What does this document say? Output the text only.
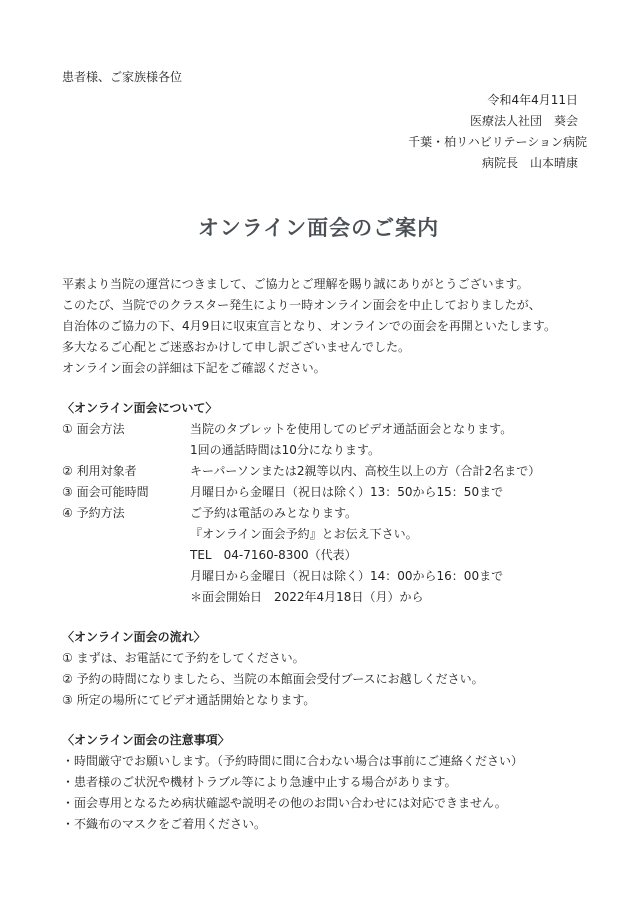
患者様、ご家族様各位
令和4年4月11日
医療法人社団　葵会
千葉・柏リハビリテーション病院
病院長　山本晴康
オンライン面会のご案内
平素より当院の運営につきまして、ご協力とご理解を賜り誠にありがとうございます。
このたび、当院でのクラスター発生により一時オンライン面会を中止しておりましたが、
自治体のご協力の下、4月9日に収束宣言となり、オンラインでの面会を再開といたします。
多大なるご心配とご迷惑おかけして申し訳ございませんでした。
オンライン面会の詳細は下記をご確認ください。
〈オンライン面会について〉
① 面会方法	当院のタブレットを使用してのビデオ通話面会となります。
1回の通話時間は10分になります。
② 利用対象者	キーパーソンまたは2親等以内、高校生以上の方（合計2名まで）
③ 面会可能時間	月曜日から金曜日（祝日は除く）13：50から15：50まで
④ 予約方法	ご予約は電話のみとなります。
『オンライン面会予約』とお伝え下さい。
TEL　04-7160-8300（代表）
月曜日から金曜日（祝日は除く）14：00から16：00まで
＊面会開始日　2022年4月18日（月）から
〈オンライン面会の流れ〉
① まずは、お電話にて予約をしてください。
② 予約の時間になりましたら、当院の本館面会受付ブースにお越しください。
③ 所定の場所にてビデオ通話開始となります。
〈オンライン面会の注意事項〉
・時間厳守でお願いします。（予約時間に間に合わない場合は事前にご連絡ください）
・患者様のご状況や機材トラブル等により急遽中止する場合があります。
・面会専用となるため病状確認や説明その他のお問い合わせには対応できません。
・不織布のマスクをご着用ください。
